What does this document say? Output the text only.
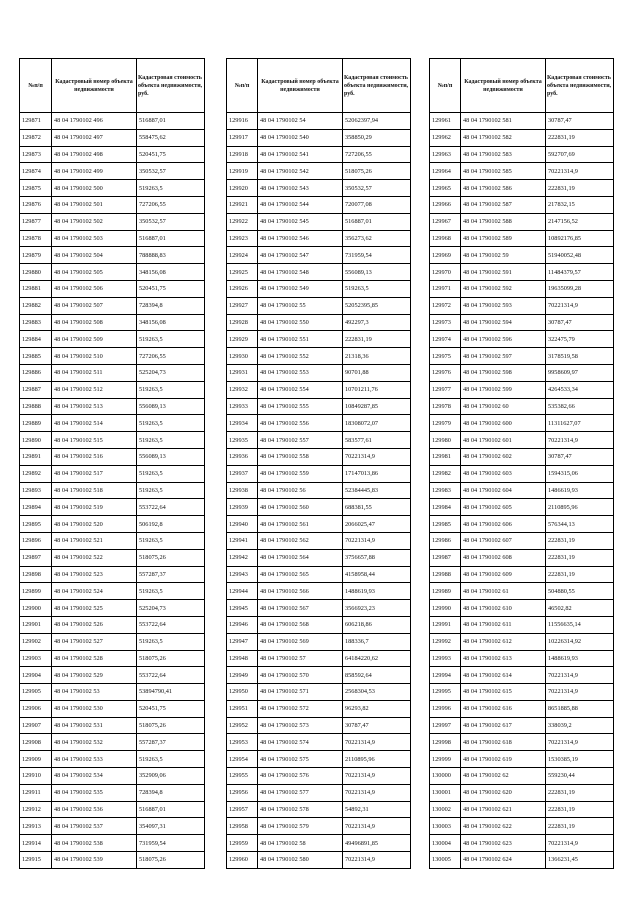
№п/п	Кадастровый номер объекта недвижимости	Кадастровая стоимость объекта недвижимости, руб.
129871	48 04 1790102 496	516887,01
129872	48 04 1790102 497	558475,62
129873	48 04 1790102 498	520451,75
129874	48 04 1790102 499	350532,57
129875	48 04 1790102 500	519263,5
129876	48 04 1790102 501	727206,55
129877	48 04 1790102 502	350532,57
129878	48 04 1790102 503	516887,01
129879	48 04 1790102 504	788888,83
129880	48 04 1790102 505	348156,08
129881	48 04 1790102 506	520451,75
129882	48 04 1790102 507	728394,8
129883	48 04 1790102 508	348156,08
129884	48 04 1790102 509	519263,5
129885	48 04 1790102 510	727206,55
129886	48 04 1790102 511	525204,73
129887	48 04 1790102 512	519263,5
129888	48 04 1790102 513	556089,13
129889	48 04 1790102 514	519263,5
129890	48 04 1790102 515	519263,5
129891	48 04 1790102 516	556089,13
129892	48 04 1790102 517	519263,5
129893	48 04 1790102 518	519263,5
129894	48 04 1790102 519	553722,64
129895	48 04 1790102 520	506192,8
129896	48 04 1790102 521	519263,5
129897	48 04 1790102 522	518075,26
129898	48 04 1790102 523	557287,37
129899	48 04 1790102 524	519263,5
129900	48 04 1790102 525	525204,73
129901	48 04 1790102 526	553722,64
129902	48 04 1790102 527	519263,5
129903	48 04 1790102 528	518075,26
129904	48 04 1790102 529	553722,64
129905	48 04 1790102 53	53894790,41
129906	48 04 1790102 530	520451,75
129907	48 04 1790102 531	518075,26
129908	48 04 1790102 532	557287,37
129909	48 04 1790102 533	519263,5
129910	48 04 1790102 534	352909,06
129911	48 04 1790102 535	728394,8
129912	48 04 1790102 536	516887,01
129913	48 04 1790102 537	354097,31
129914	48 04 1790102 538	731959,54
129915	48 04 1790102 539	518075,26
№п/п	Кадастровый номер объекта недвижимости	Кадастровая стоимость объекта недвижимости, руб.
129916	48 04 1790102 54	52062397,94
129917	48 04 1790102 540	358850,29
129918	48 04 1790102 541	727206,55
129919	48 04 1790102 542	518075,26
129920	48 04 1790102 543	350532,57
129921	48 04 1790102 544	720077,08
129922	48 04 1790102 545	516887,01
129923	48 04 1790102 546	356273,62
129924	48 04 1790102 547	731959,54
129925	48 04 1790102 548	556089,13
129926	48 04 1790102 549	519263,5
129927	48 04 1790102 55	52052395,85
129928	48 04 1790102 550	492297,3
129929	48 04 1790102 551	222831,19
129930	48 04 1790102 552	21318,36
129931	48 04 1790102 553	90701,88
129932	48 04 1790102 554	10701211,76
129933	48 04 1790102 555	10849287,85
129934	48 04 1790102 556	18308072,07
129935	48 04 1790102 557	583577,61
129936	48 04 1790102 558	70221314,9
129937	48 04 1790102 559	17147013,86
129938	48 04 1790102 56	52384445,83
129939	48 04 1790102 560	688381,55
129940	48 04 1790102 561	2066025,47
129941	48 04 1790102 562	70221314,9
129942	48 04 1790102 564	3756657,88
129943	48 04 1790102 565	4158958,44
129944	48 04 1790102 566	1488619,93
129945	48 04 1790102 567	3566923,23
129946	48 04 1790102 568	606218,86
129947	48 04 1790102 569	188336,7
129948	48 04 1790102 57	64184220,62
129949	48 04 1790102 570	858592,64
129950	48 04 1790102 571	2568304,53
129951	48 04 1790102 572	96293,82
129952	48 04 1790102 573	30787,47
129953	48 04 1790102 574	70221314,9
129954	48 04 1790102 575	2110895,96
129955	48 04 1790102 576	70221314,9
129956	48 04 1790102 577	70221314,9
129957	48 04 1790102 578	54892,31
129958	48 04 1790102 579	70221314,9
129959	48 04 1790102 58	49496891,85
129960	48 04 1790102 580	70221314,9
№п/п	Кадастровый номер объекта недвижимости	Кадастровая стоимость объекта недвижимости, руб.
129961	48 04 1790102 581	30787,47
129962	48 04 1790102 582	222831,19
129963	48 04 1790102 583	592707,69
129964	48 04 1790102 585	70221314,9
129965	48 04 1790102 586	222831,19
129966	48 04 1790102 587	217832,15
129967	48 04 1790102 588	2147156,52
129968	48 04 1790102 589	10892176,85
129969	48 04 1790102 59	51940052,48
129970	48 04 1790102 591	11484379,57
129971	48 04 1790102 592	19635099,28
129972	48 04 1790102 593	70221314,9
129973	48 04 1790102 594	30787,47
129974	48 04 1790102 596	322475,79
129975	48 04 1790102 597	3178519,58
129976	48 04 1790102 598	9958609,97
129977	48 04 1790102 599	4264533,34
129978	48 04 1790102 60	535382,66
129979	48 04 1790102 600	11311627,07
129980	48 04 1790102 601	70221314,9
129981	48 04 1790102 602	30787,47
129982	48 04 1790102 603	1594315,06
129983	48 04 1790102 604	1486619,93
129984	48 04 1790102 605	2110895,96
129985	48 04 1790102 606	576344,13
129986	48 04 1790102 607	222831,19
129987	48 04 1790102 608	222831,19
129988	48 04 1790102 609	222831,19
129989	48 04 1790102 61	504880,55
129990	48 04 1790102 610	46502,82
129991	48 04 1790102 611	11556635,14
129992	48 04 1790102 612	10226314,92
129993	48 04 1790102 613	1488619,93
129994	48 04 1790102 614	70221314,9
129995	48 04 1790102 615	70221314,9
129996	48 04 1790102 616	8651885,88
129997	48 04 1790102 617	338039,2
129998	48 04 1790102 618	70221314,9
129999	48 04 1790102 619	1530385,19
130000	48 04 1790102 62	559230,44
130001	48 04 1790102 620	222831,19
130002	48 04 1790102 621	222831,19
130003	48 04 1790102 622	222831,19
130004	48 04 1790102 623	70221314,9
130005	48 04 1790102 624	1366231,45
